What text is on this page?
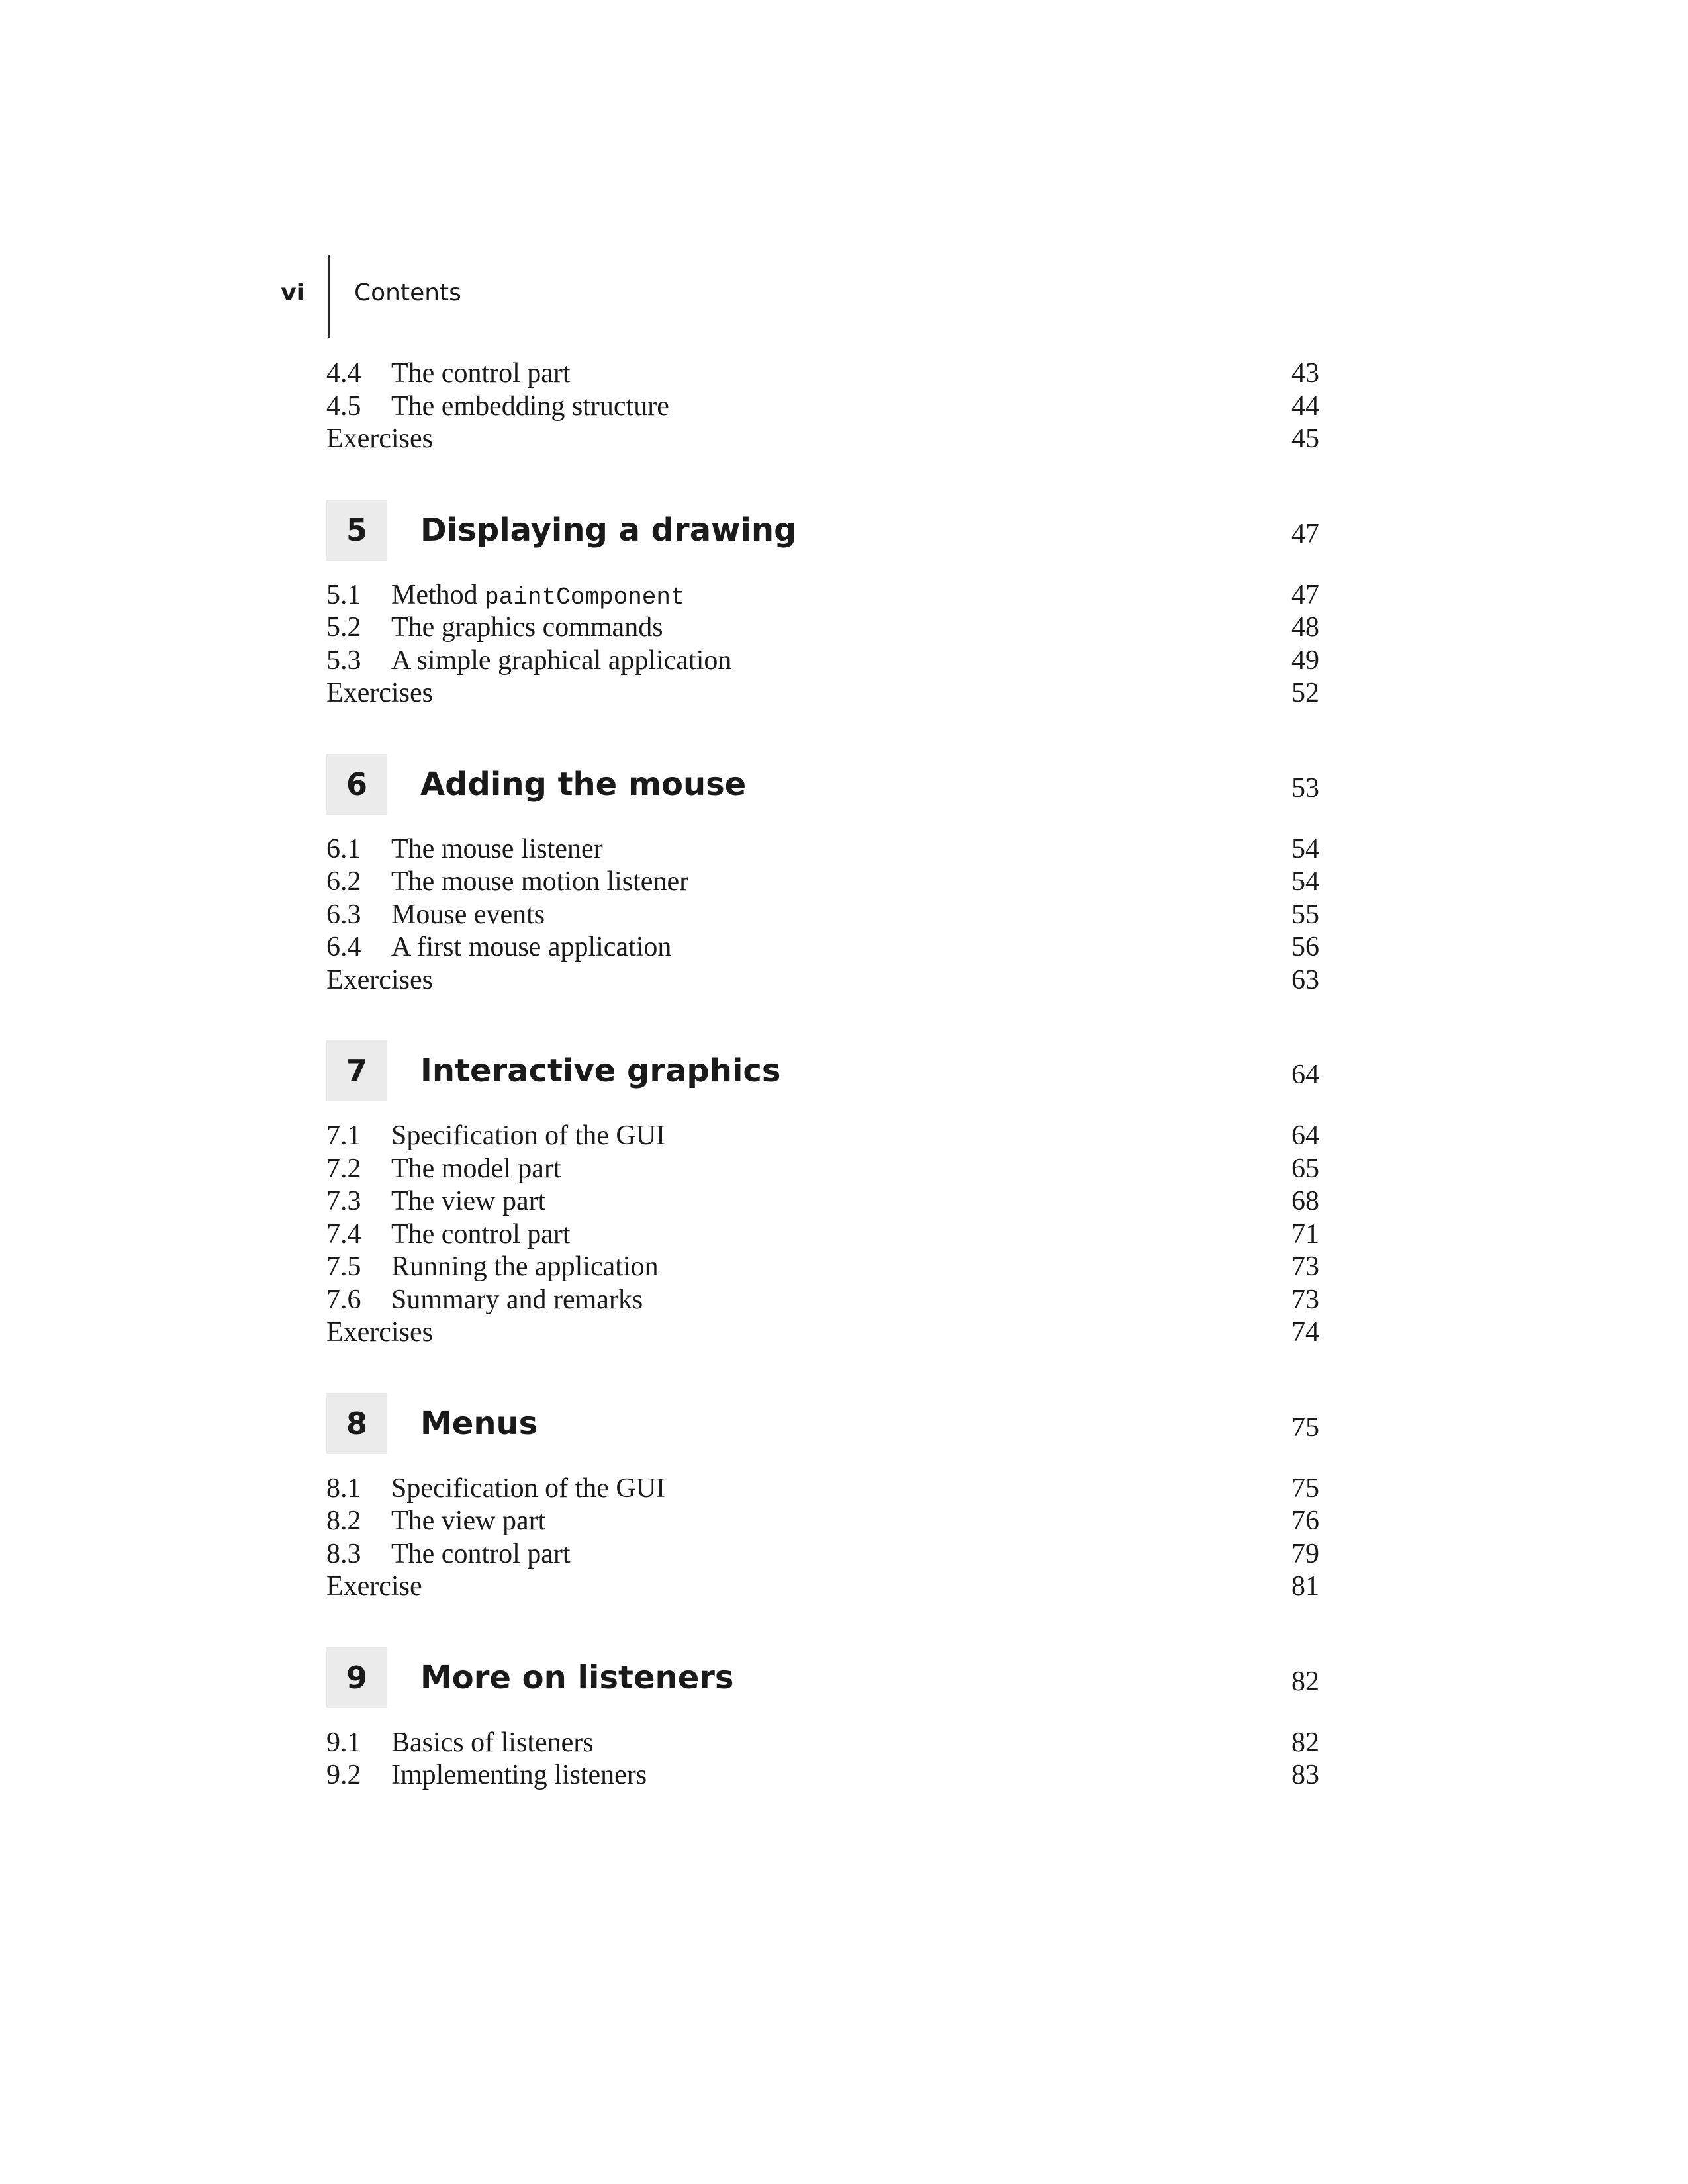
vi Contents
4.4 The control part	43
4.5 The embedding structure	44
Exercises	45
5	Displaying a drawing	47
5.1 Method paintComponent	47
5.2 The graphics commands	48
5.3 A simple graphical application	49
Exercises	52
6	Adding the mouse	53
6.1 The mouse listener	54
6.2 The mouse motion listener	54
6.3 Mouse events	55
6.4 A first mouse application	56
Exercises	63
7	Interactive graphics	64
7.1 Specification of the GUI	64
7.2 The model part	65
7.3 The view part	68
7.4 The control part	71
7.5 Running the application	73
7.6 Summary and remarks	73
Exercises	74
8	Menus	75
8.1 Specification of the GUI	75
8.2 The view part	76
8.3 The control part	79
Exercise	81
9	More on listeners	82
9.1 Basics of listeners	82
9.2 Implementing listeners	83
